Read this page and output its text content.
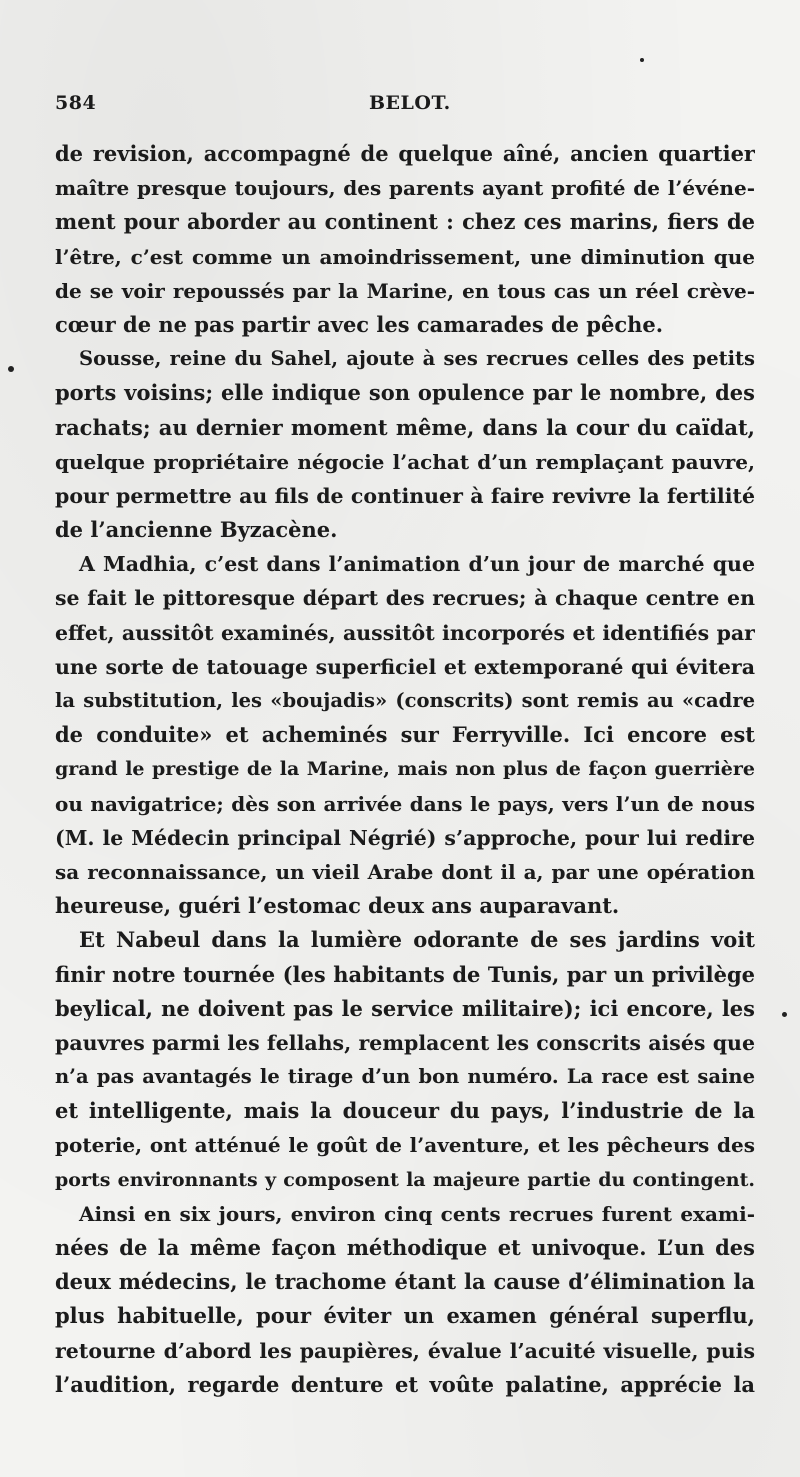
584	BELOT.
de revision, accompagné de quelque aîné, ancien quartier
maître presque toujours, des parents ayant profité de l’événe-
ment pour aborder au continent : chez ces marins, fiers de
l’être, c’est comme un amoindrissement, une diminution que
de se voir repoussés par la Marine, en tous cas un réel crève-
cœur de ne pas partir avec les camarades de pêche.
Sousse, reine du Sahel, ajoute à ses recrues celles des petits
ports voisins; elle indique son opulence par le nombre, des
rachats; au dernier moment même, dans la cour du caïdat,
quelque propriétaire négocie l’achat d’un remplaçant pauvre,
pour permettre au fils de continuer à faire revivre la fertilité
de l’ancienne Byzacène.
A Madhia, c’est dans l’animation d’un jour de marché que
se fait le pittoresque départ des recrues; à chaque centre en
effet, aussitôt examinés, aussitôt incorporés et identifiés par
une sorte de tatouage superficiel et extemporané qui évitera
la substitution, les «boujadis» (conscrits) sont remis au «cadre
de conduite» et acheminés sur Ferryville. Ici encore est
grand le prestige de la Marine, mais non plus de façon guerrière
ou navigatrice; dès son arrivée dans le pays, vers l’un de nous
(M. le Médecin principal Négrié) s’approche, pour lui redire
sa reconnaissance, un vieil Arabe dont il a, par une opération
heureuse, guéri l’estomac deux ans auparavant.
Et Nabeul dans la lumière odorante de ses jardins voit
finir notre tournée (les habitants de Tunis, par un privilège
beylical, ne doivent pas le service militaire); ici encore, les
pauvres parmi les fellahs, remplacent les conscrits aisés que
n’a pas avantagés le tirage d’un bon numéro. La race est saine
et intelligente, mais la douceur du pays, l’industrie de la
poterie, ont atténué le goût de l’aventure, et les pêcheurs des
ports environnants y composent la majeure partie du contingent.
Ainsi en six jours, environ cinq cents recrues furent exami-
nées de la même façon méthodique et univoque. L’un des
deux médecins, le trachome étant la cause d’élimination la
plus habituelle, pour éviter un examen général superflu,
retourne d’abord les paupières, évalue l’acuité visuelle, puis
l’audition, regarde denture et voûte palatine, apprécie la
